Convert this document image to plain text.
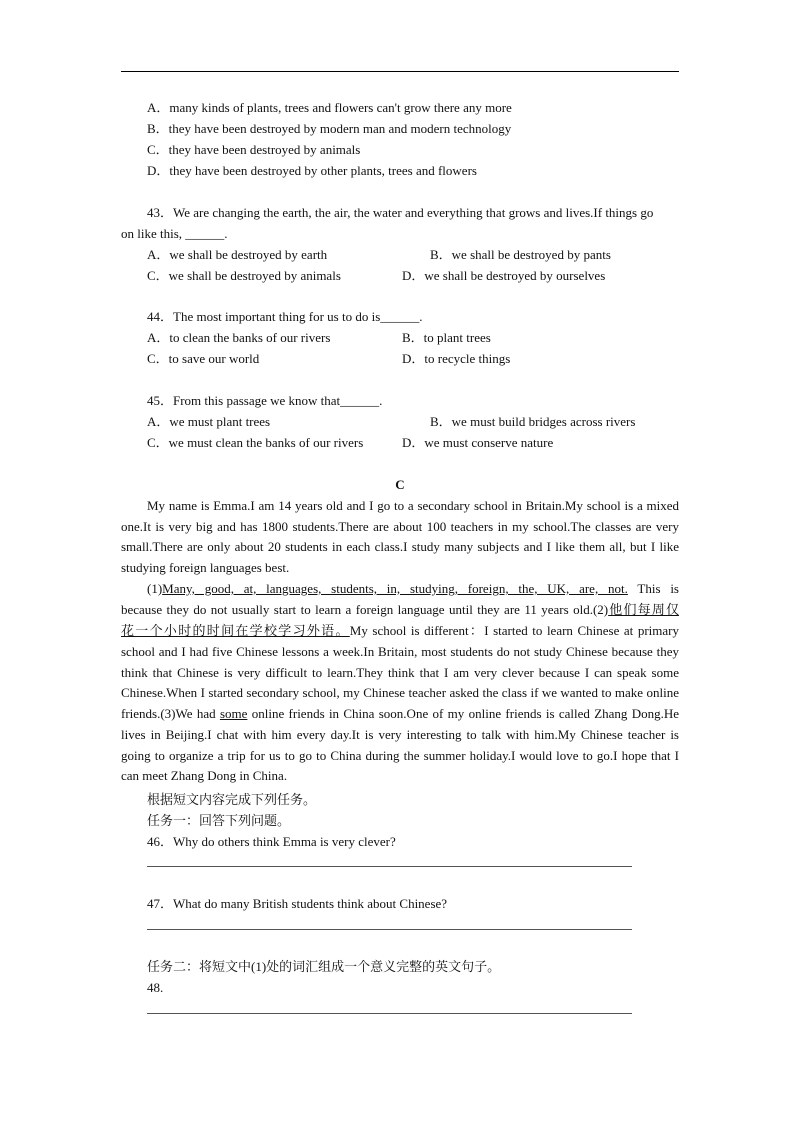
A．many kinds of plants, trees and flowers can't grow there any more
B．they have been destroyed by modern man and modern technology
C．they have been destroyed by animals
D．they have been destroyed by other plants, trees and flowers
43．We are changing the earth, the air, the water and everything that grows and lives.If things go
on like this, ______.
A．we shall be destroyed by earth	B．we shall be destroyed by pants
C．we shall be destroyed by animals	D．we shall be destroyed by ourselves
44．The most important thing for us to do is______.
A．to clean the banks of our rivers	B．to plant trees
C．to save our world	D．to recycle things
45．From this passage we know that______.
A．we must plant trees	B．we must build bridges across rivers
C．we must clean the banks of our rivers	D．we must conserve nature
C
My name is Emma.I am 14 years old and I go to a secondary school in Britain.My school is a mixed one.It is very big and has 1800 students.There are about 100 teachers in my school.The classes are very small.There are only about 20 students in each class.I study many subjects and I like them all, but I like studying foreign languages best.
(1)Many, good, at, languages, students, in, studying, foreign, the, UK, are, not. This is
because they do not usually start to learn a foreign language until they are 11 years old.(2)他们每周仅
花一个小时的时间在学校学习外语。My school is different：I started to learn Chinese at primary
school and I had five Chinese lessons a week.In Britain, most students do not study Chinese because they think that Chinese is very difficult to learn.They think that I am very clever because I can speak some Chinese.When I started secondary school, my Chinese teacher asked the class if we wanted to make online friends.(3)We had some online friends in China soon.One of my online friends is called Zhang Dong.He lives in Beijing.I chat with him every day.It is very interesting to talk with him.My Chinese teacher is going to organize a trip for us to go to China during the summer holiday.I would love to go.I hope that I can meet Zhang Dong in China.
根据短文内容完成下列任务。
任务一：回答下列问题。
46．Why do others think Emma is very clever?
47．What do many British students think about Chinese?
任务二：将短文中(1)处的词汇组成一个意义完整的英文句子。
48.
